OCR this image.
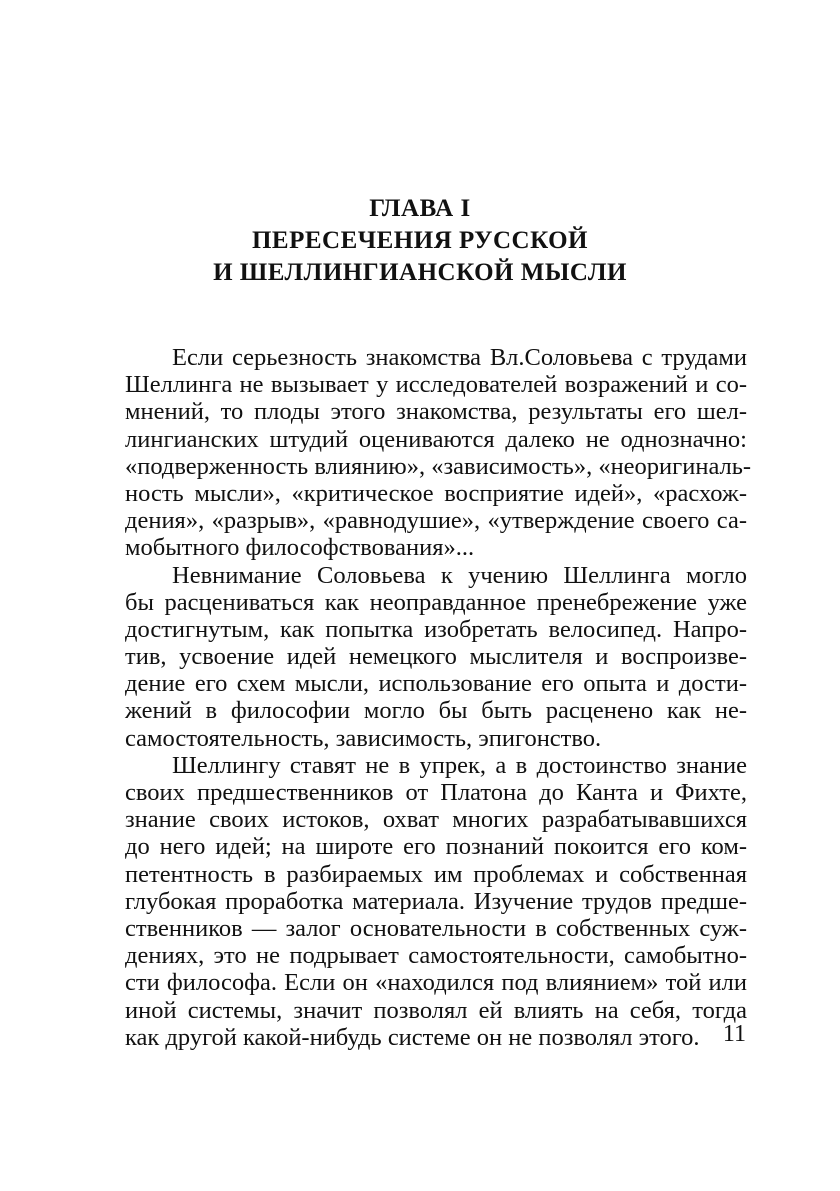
ГЛАВА I
ПЕРЕСЕЧЕНИЯ РУССКОЙ
И ШЕЛЛИНГИАНСКОЙ МЫСЛИ
Если серьезность знакомства Вл.Соловьева с трудами
Шеллинга не вызывает у исследователей возражений и со-
мнений, то плоды этого знакомства, результаты его шел-
лингианских штудий оцениваются далеко не однозначно:
«подверженность влиянию», «зависимость», «неоригиналь-
ность мысли», «критическое восприятие идей», «расхож-
дения», «разрыв», «равнодушие», «утверждение своего са-
мобытного философствования»...
Невнимание Соловьева к учению Шеллинга могло
бы расцениваться как неоправданное пренебрежение уже
достигнутым, как попытка изобретать велосипед. Напро-
тив, усвоение идей немецкого мыслителя и воспроизве-
дение его схем мысли, использование его опыта и дости-
жений в философии могло бы быть расценено как не-
самостоятельность, зависимость, эпигонство.
Шеллингу ставят не в упрек, а в достоинство знание
своих предшественников от Платона до Канта и Фихте,
знание своих истоков, охват многих разрабатывавшихся
до него идей; на широте его познаний покоится его ком-
петентность в разбираемых им проблемах и собственная
глубокая проработка материала. Изучение трудов предше-
ственников — залог основательности в собственных суж-
дениях, это не подрывает самостоятельности, самобытно-
сти философа. Если он «находился под влиянием» той или
иной системы, значит позволял ей влиять на себя, тогда
как другой какой-нибудь системе он не позволял этого. 11
